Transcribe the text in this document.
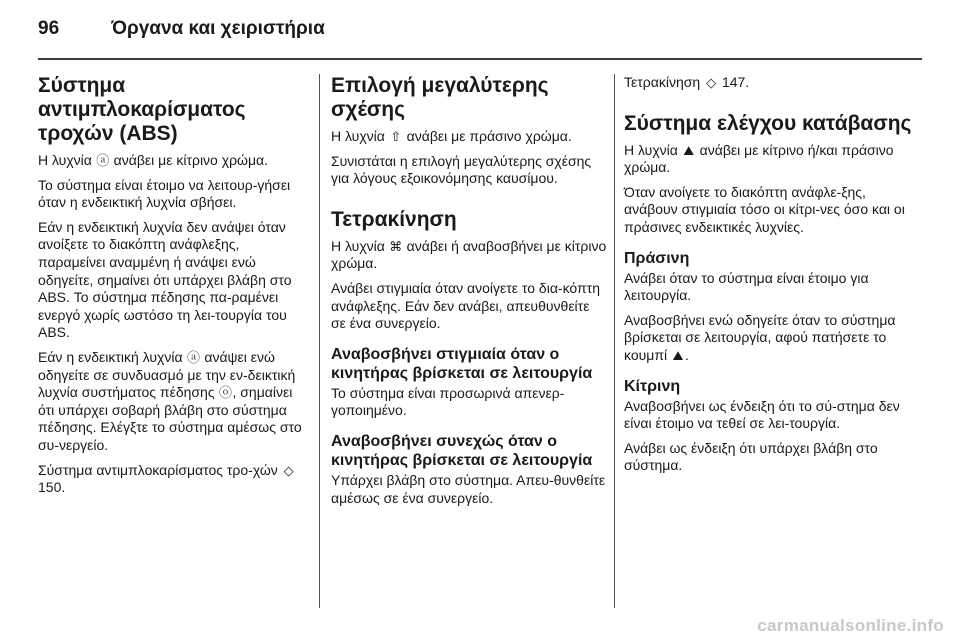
96	Όργανα και χειριστήρια
Σύστημα αντιμπλοκαρίσματος τροχών (ABS)

Η λυχνία ⓐ ανάβει με κίτρινο χρώμα.

Το σύστημα είναι έτοιμο να λειτουρ-γήσει όταν η ενδεικτική λυχνία σβήσει.

Εάν η ενδεικτική λυχνία δεν ανάψει όταν ανοίξετε το διακόπτη ανάφλεξης, παραμείνει αναμμένη ή ανάψει ενώ οδηγείτε, σημαίνει ότι υπάρχει βλάβη στο ABS. Το σύστημα πέδησης πα-ραμένει ενεργό χωρίς ωστόσο τη λει-τουργία του ABS.

Εάν η ενδεικτική λυχνία ⓐ ανάψει ενώ οδηγείτε σε συνδυασμό με την εν-δεικτική λυχνία συστήματος πέδησης ⓞ, σημαίνει ότι υπάρχει σοβαρή βλάβη στο σύστημα πέδησης. Ελέγξτε το σύστημα αμέσως στο συ-νεργείο.

Σύστημα αντιμπλοκαρίσματος τρο-χών ◇ 150.

Επιλογή μεγαλύτερης σχέσης

Η λυχνία ⇧ ανάβει με πράσινο χρώμα.

Συνιστάται η επιλογή μεγαλύτερης σχέσης για λόγους εξοικονόμησης καυσίμου.

Τετρακίνηση

Η λυχνία ⌘ ανάβει ή αναβοσβήνει με κίτρινο χρώμα.

Ανάβει στιγμιαία όταν ανοίγετε το δια-κόπτη ανάφλεξης. Εάν δεν ανάβει, απευθυνθείτε σε ένα συνεργείο.

Αναβοσβήνει στιγμιαία όταν ο κινητήρας βρίσκεται σε λειτουργία

Το σύστημα είναι προσωρινά απενερ-γοποιημένο.

Αναβοσβήνει συνεχώς όταν ο κινητήρας βρίσκεται σε λειτουργία

Υπάρχει βλάβη στο σύστημα. Απευ-θυνθείτε αμέσως σε ένα συνεργείο.

Τετρακίνηση ◇ 147.

Σύστημα ελέγχου κατάβασης

Η λυχνία ⛰ ανάβει με κίτρινο ή/και πράσινο χρώμα.

Όταν ανοίγετε το διακόπτη ανάφλε-ξης, ανάβουν στιγμιαία τόσο οι κίτρι-νες όσο και οι πράσινες ενδεικτικές λυχνίες.

Πράσινη

Ανάβει όταν το σύστημα είναι έτοιμο για λειτουργία.

Αναβοσβήνει ενώ οδηγείτε όταν το σύστημα βρίσκεται σε λειτουργία, αφού πατήσετε το κουμπί ⛰ .

Κίτρινη

Αναβοσβήνει ως ένδειξη ότι το σύ-στημα δεν είναι έτοιμο να τεθεί σε λει-τουργία.

Ανάβει ως ένδειξη ότι υπάρχει βλάβη στο σύστημα.

carmanualsonline.info
